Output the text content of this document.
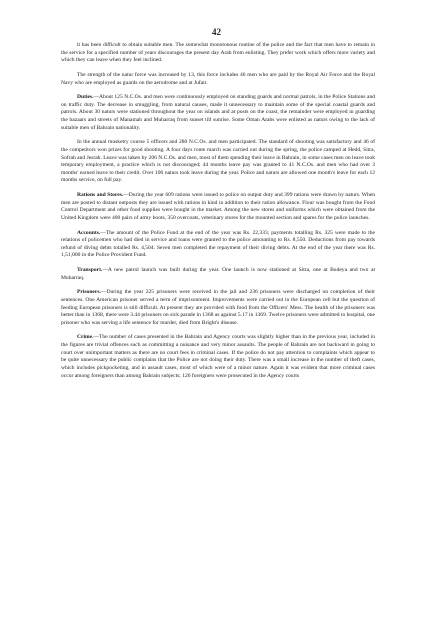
42

it has been difficult to obtain suitable men. The somewhat monotonous routine of the police and the fact that men have to remain in the service for a specified number of years discourages the present day Arab from enlisting. They prefer work which offers more variety and which they can leave when they feel inclined.

The strength of the natur force was increased by 13, this force includes 46 men who are paid by the Royal Air Force and the Royal Navy who are employed as guards on the aerodrome and at Jufair.

Duties.—About 125 N.C.Os. and men were continuously employed on standing guards and normal patrols, in the Police Stations and on traffic duty. The decrease in smuggling, from natural causes, made it unnecessary to maintain some of the special coastal guards and patrols. About 30 naturs were stationed throughout the year on islands and at posts on the coast, the remainder were employed in guarding the bazaars and streets of Manamah and Muharraq from sunset till sunrise. Some Oman Arabs were enlisted as naturs owing to the lack of suitable men of Bahrain nationality.

In the annual musketry course 5 officers and 280 N.C.Os. and men participated. The standard of shooting was satisfactory and 46 of the competitors won prizes for good shooting. A four days route march was carried out during the spring, the police camped at Hedd, Sitra, Sofrah and Jesrah. Leave was taken by 206 N.C.Os. and men, most of them spending their leave in Bahrain, in some cases men on leave took temporary employment, a practice which is not discouraged; 44 months leave pay was granted to 41 N.C.Os. and men who had over 3 months' earned leave to their credit. Over 100 naturs took leave during the year. Police and naturs are allowed one month's leave for each 12 months service, on full pay.

Rations and Stores.—During the year 609 rations were issued to police on output duty and 399 rations were drawn by naturs. When men are posted to distant outposts they are issued with rations in kind in addition to their ration allowance. Flour was bought from the Food Control Department and other food supplies were bought in the market. Among the new stores and uniforms which were obtained from the United Kingdom were 400 pairs of army boots, 350 overcoats, veterinary stores for the mounted section and spares for the police launches.

Accounts.—The amount of the Police Fund at the end of the year was Rs. 22,333, payments totalling Rs. 325 were made to the relations of policemen who had died in service and loans were granted to the police amounting to Rs. 8,550. Deductions from pay towards refund of diving debts totalled Rs. 4,504. Seven men completed the repayment of their diving debts. At the end of the year there was Rs. 1,51,000 in the Police Provident Fund.

Transport.—A new patrol launch was built during the year. One launch is now stationed at Sitra, one at Budeya and two at Muharraq.

Prisoners.—During the year 225 prisoners were received in the jail and 236 prisoners were discharged on completion of their sentences. One American prisoner served a term of imprisonment. Improvements were carried out in the European cell but the question of feeding European prisoners is still difficult. At present they are provided with food from the Officers' Mess. The health of the prisoners was better than in 1368, there were 3.44 prisoners on sick parade in 1368 as against 5.17 in 1369. Twelve prisoners were admitted to hospital, one prisoner who was serving a life sentence for murder, died from Bright's disease.

Crime.—The number of cases presented in the Bahrain and Agency courts was slightly higher than in the previous year, included in the figures are trivial offences such as committing a nuisance and very minor assaults. The people of Bahrain are not backward in going to court over unimportant matters as there are no court fees in criminal cases. If the police do not pay attention to complaints which appear to be quite unnecessary the public complains that the Police are not doing their duty. There was a small increase in the number of theft cases, which includes pickpocketing, and in assault cases, most of which were of a minor nature. Again it was evident that more criminal cases occur among foreigners than among Bahrain subjects; 126 foreigners were prosecuted in the Agency courts
